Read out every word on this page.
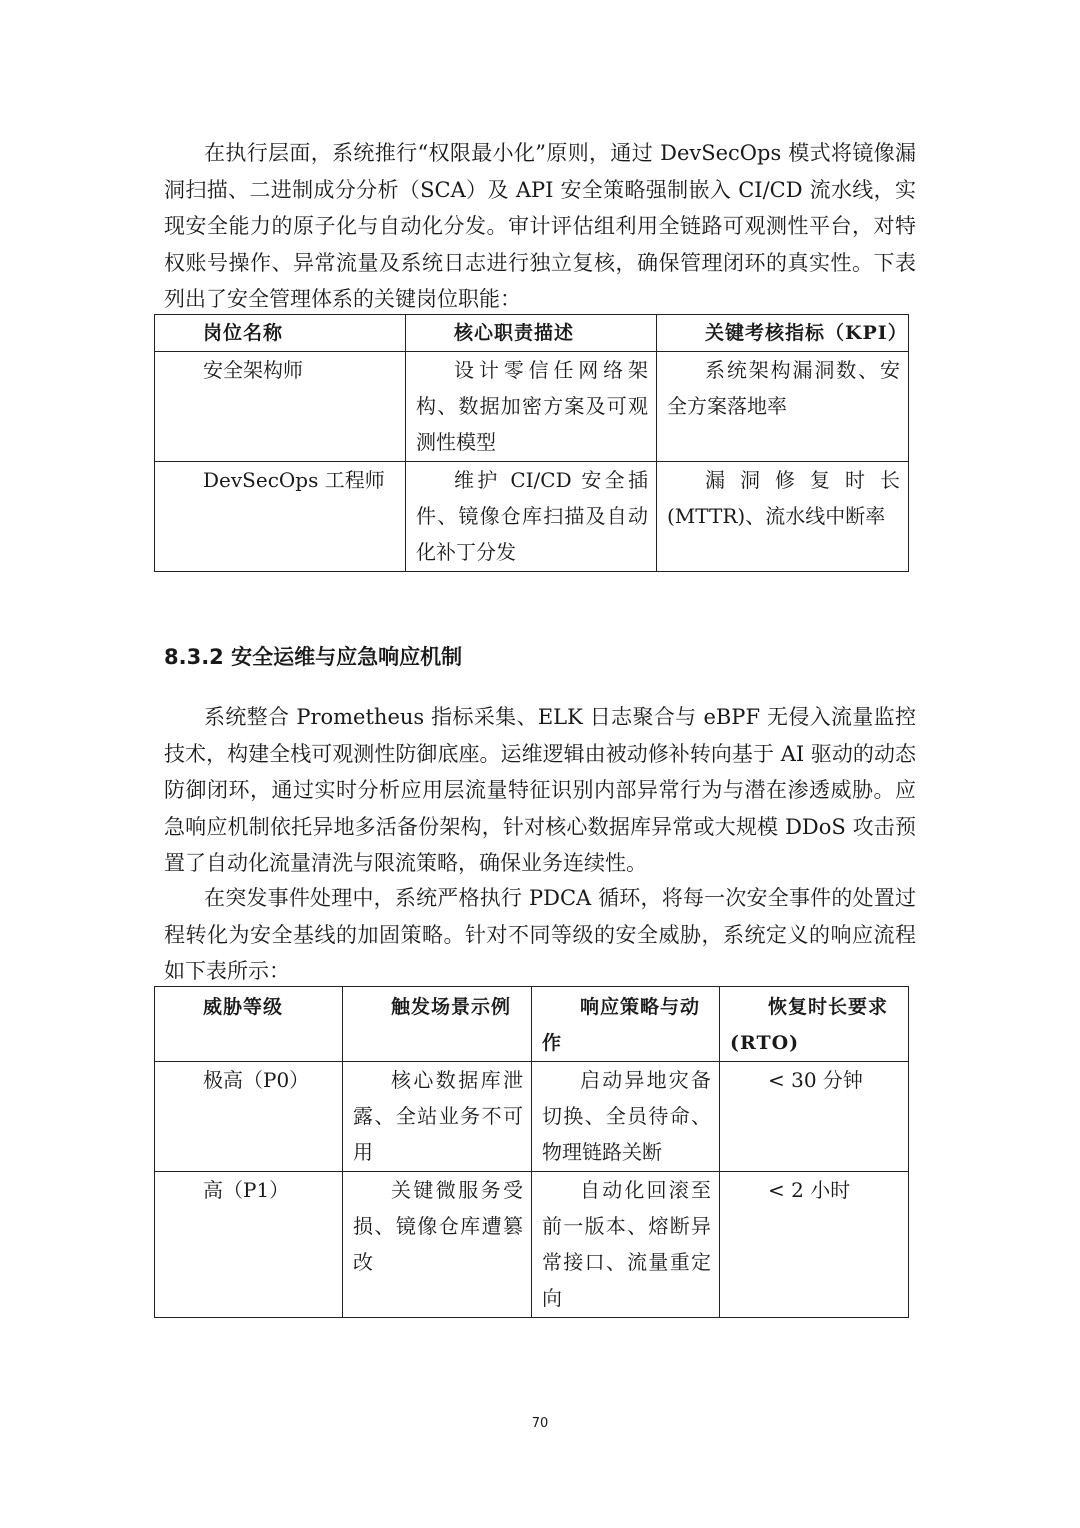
在执行层面，系统推行“权限最小化”原则，通过 DevSecOps 模式将镜像漏洞扫描、二进制成分分析（SCA）及 API 安全策略强制嵌入 CI/CD 流水线，实现安全能力的原子化与自动化分发。审计评估组利用全链路可观测性平台，对特权账号操作、异常流量及系统日志进行独立复核，确保管理闭环的真实性。下表列出了安全管理体系的关键岗位职能：

岗位名称	核心职责描述	关键考核指标（KPI）
安全架构师	设计零信任网络架构、数据加密方案及可观测性模型	系统架构漏洞数、安全方案落地率
DevSecOps 工程师	维护 CI/CD 安全插件、镜像仓库扫描及自动化补丁分发	漏洞修复时长(MTTR)、流水线中断率
8.3.2 安全运维与应急响应机制

系统整合 Prometheus 指标采集、ELK 日志聚合与 eBPF 无侵入流量监控技术，构建全栈可观测性防御底座。运维逻辑由被动修补转向基于 AI 驱动的动态防御闭环，通过实时分析应用层流量特征识别内部异常行为与潜在渗透威胁。应急响应机制依托异地多活备份架构，针对核心数据库异常或大规模 DDoS 攻击预置了自动化流量清洗与限流策略，确保业务连续性。

在突发事件处理中，系统严格执行 PDCA 循环，将每一次安全事件的处置过程转化为安全基线的加固策略。针对不同等级的安全威胁，系统定义的响应流程如下表所示：

威胁等级	触发场景示例	响应策略与动作	恢复时长要求(RTO)
极高（P0）	核心数据库泄露、全站业务不可用	启动异地灾备切换、全员待命、物理链路关断	< 30 分钟
高（P1）	关键微服务受损、镜像仓库遭篡改	自动化回滚至前一版本、熔断异常接口、流量重定向	< 2 小时
70
